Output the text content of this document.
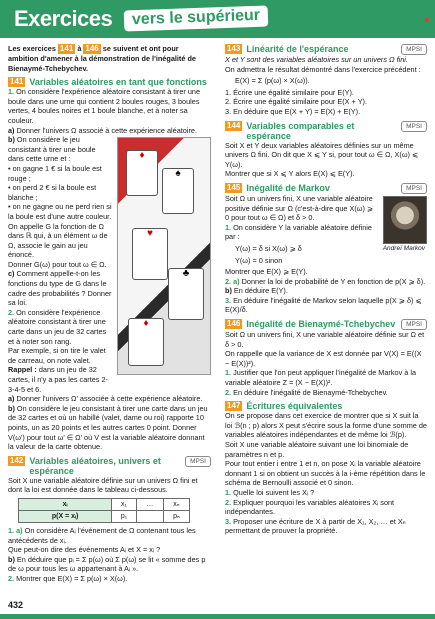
Exercices	vers le supérieur

Les exercices 141 à 146 se suivent et ont pour ambition d'amener à la démonstration de l'inégalité de Bienaymé-Tchebychev.

141 Variables aléatoires en tant que fonctions

1. On considère l'expérience aléatoire consistant à tirer une boule dans une urne qui contient 2 boules rouges, 3 boules vertes, 4 boules noires et 1 boule blanche, et à noter sa couleur.

a) Donner l'univers Ω associé à cette expérience aléatoire.

♦
♠
♥
♣
♦

b) On considère le jeu consistant à tirer une boule dans cette urne et :

• on gagne 1 € si la boule est rouge ;

• on perd 2 € si la boule est blanche ;

• on ne gagne ou ne perd rien si la boule est d'une autre couleur.

On appelle G la fonction de Ω dans ℝ qui, à un élément ω de Ω, associe le gain au jeu énoncé.

Donner G(ω) pour tout ω ∈ Ω.

c) Comment appelle-t-on les fonctions du type de G dans le cadre des probabilités ? Donner sa loi.

2. On considère l'expérience aléatoire consistant à tirer une carte dans un jeu de 32 cartes et à noter son rang.

Par exemple, si on tire le valet de carreau, on note valet.

Rappel : dans un jeu de 32 cartes, il n'y a pas les cartes 2-3-4-5 et 6.

a) Donner l'univers Ω' associée à cette expérience aléatoire.

b) On considère le jeu consistant à tirer une carte dans un jeu de 32 cartes et où un habillé (valet, dame ou roi) rapporte 10 points, un as 20 points et les autres cartes 0 point. Donner V(ω') pour tout ω' ∈ Ω' où V est la variable aléatoire donnant la valeur de la carte obtenue.

142 Variables aléatoires, univers et espérance
MPSI

Soit X une variable aléatoire définie sur un univers Ω fini et dont la loi est donnée dans le tableau ci-dessous.

xᵢ	x₁	…	xₙ
p(X = xᵢ)	p₁		pₙ

1. a) On considère Aᵢ l'événement de Ω contenant tous les antécédents de xᵢ.

Que peut-on dire des événements Aᵢ et X = xᵢ ?

b) En déduire que pᵢ = Σ p(ω) où Σ p(ω) se lit « somme des p de ω pour tous les ω appartenant à Aᵢ ».

2. Montrer que E(X) = Σ p(ω) × X(ω).

143 Linéarité de l'espérance	MPSI

X et Y sont des variables aléatoires sur un univers Ω fini.

On admettra le résultat démontré dans l'exercice précédent :

E(X) = Σ (p(ω) × X(ω)).

1. Écrire une égalité similaire pour E(Y).

2. Écrire une égalité similaire pour E(X + Y).

3. En déduire que E(X + Y) = E(X) + E(Y).

144 Variables comparables et espérance
MPSI

Soit X et Y deux variables aléatoires définies sur un même univers Ω fini. On dit que X ⩽ Y si, pour tout ω ∈ Ω, X(ω) ⩽ Y(ω).

Montrer que si X ⩽ Y alors E(X) ⩽ E(Y).

145 Inégalité de Markov	MPSI

Soit Ω un univers fini, X une variable aléatoire positive définie sur Ω (c'est-à-dire que X(ω) ⩾ 0 pour tout ω ∈ Ω) et δ > 0.

1. On considère Y la variable aléatoire définie par :

Andreï Markov

Y(ω) = δ si X(ω) ⩾ δ

Y(ω) = 0 sinon

Montrer que E(X) ⩾ E(Y).

2. a) Donner la loi de probabilité de Y en fonction de p(X ⩾ δ).

b) En déduire E(Y).

3. En déduire l'inégalité de Markov selon laquelle p(X ⩾ δ) ⩽ E(X)/δ.

146 Inégalité de Bienaymé-Tchebychev	MPSI

Soit Ω un univers fini, X une variable aléatoire définie sur Ω et δ > 0.

On rappelle que la variance de X est donnée par V(X) = E((X − E(X))²).

1. Justifier que l'on peut appliquer l'inégalité de Markov à la variable aléatoire Z = (X − E(X))².

2. En déduire l'inégalité de Bienaymé-Tchebychev.

147 Écritures équivalentes

On se propose dans cet exercice de montrer que si X suit la loi ℬ(n ; p) alors X peut s'écrire sous la forme d'une somme de variables aléatoires indépendantes et de même loi ℬ(p).

Soit X une variable aléatoire suivant une loi binomiale de paramètres n et p.

Pour tout entier i entre 1 et n, on pose Xᵢ la variable aléatoire donnant 1 si on obtient un succès à la i-ème répétition dans le schéma de Bernoulli associé et 0 sinon.

1. Quelle loi suivent les Xᵢ ?

2. Expliquer pourquoi les variables aléatoires Xᵢ sont indépendantes.

3. Proposer une écriture de X à partir de X₁, X₂, … et Xₙ permettant de prouver la propriété.

432
